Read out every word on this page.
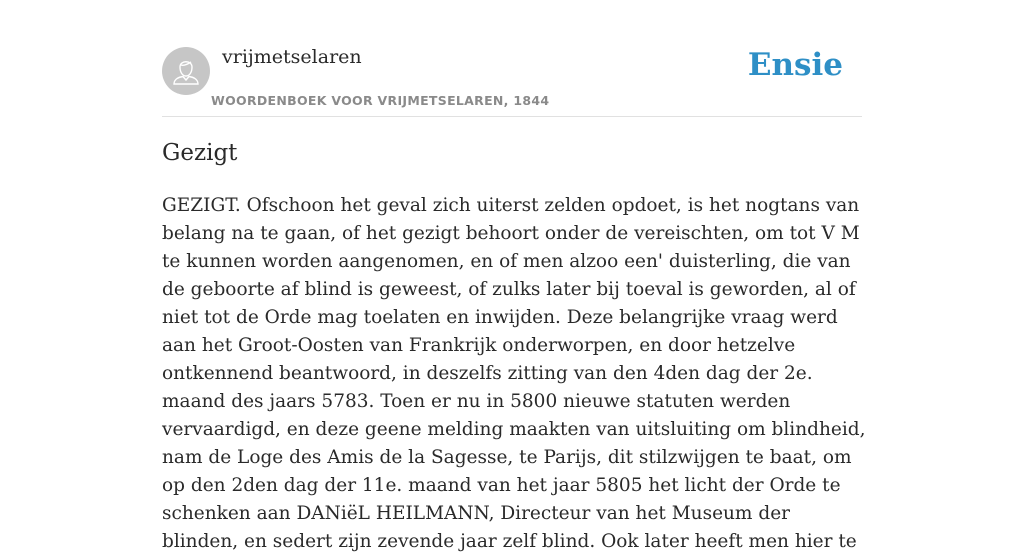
vrijmetselaren
WOORDENBOEK VOOR VRIJMETSELAREN, 1844
Ensie
Gezigt

GEZIGT. Ofschoon het geval zich uiterst zelden opdoet, is het nogtans van belang na te gaan, of het gezigt behoort onder de vereischten, om tot V M te kunnen worden aangenomen, en of men alzoo een' duisterling, die van de geboorte af blind is geweest, of zulks later bij toeval is geworden, al of niet tot de Orde mag toelaten en inwijden. Deze belangrijke vraag werd aan het Groot-Oosten van Frankrijk onderworpen, en door hetzelve ontkennend beantwoord, in deszelfs zitting van den 4den dag der 2e. maand des jaars 5783. Toen er nu in 5800 nieuwe statuten werden vervaardigd, en deze geene melding maakten van uitsluiting om blindheid, nam de Loge des Amis de la Sagesse, te Parijs, dit stilzwijgen te baat, om op den 2den dag der 11e. maand van het jaar 5805 het licht der Orde te schenken aan DANiëL HEILMANN, Directeur van het Museum der blinden, en sedert zijn zevende jaar zelf blind. Ook later heeft men hier te
